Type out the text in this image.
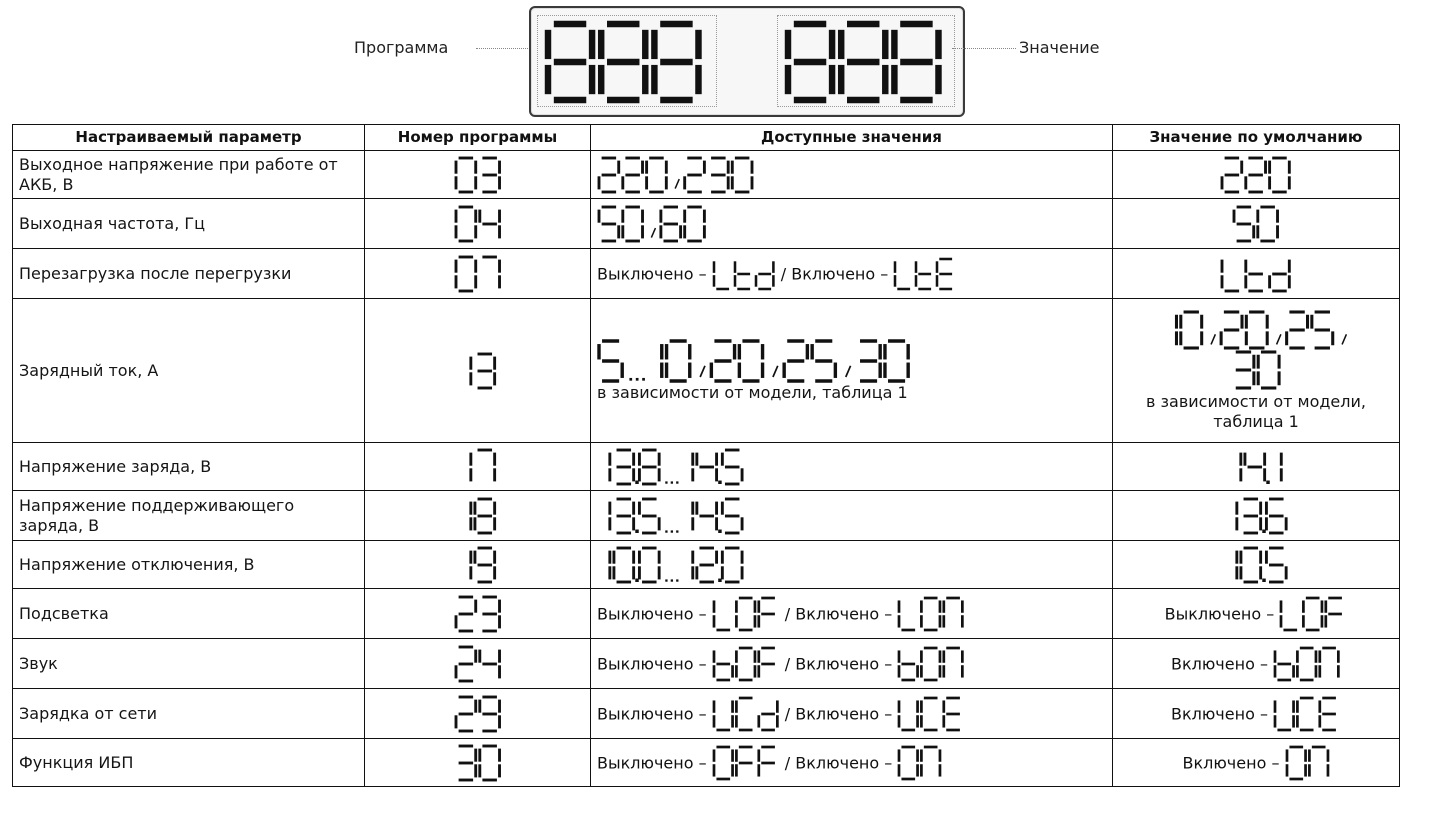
Программа	Значение
Настраиваемый параметр	Номер программы	Доступные значения	Значение по умолчанию
Выходное напряжение при работе от АКБ, В			
Выходная частота, Гц			
Перезагрузка после перегрузки		Выключено – / Включено –	
Зарядный ток, А		в зависимости от модели, таблица 1	в зависимости от модели, таблица 1

Напряжение заряда, В			
Напряжение поддерживающего заряда, В			
Напряжение отключения, В			
Подсветка		Выключено – / Включено –	Выключено –
Звук		Выключено – / Включено –	Включено –
Зарядка от сети		Выключено – / Включено –	Включено –
Функция ИБП		Выключено – / Включено –	Включено –
